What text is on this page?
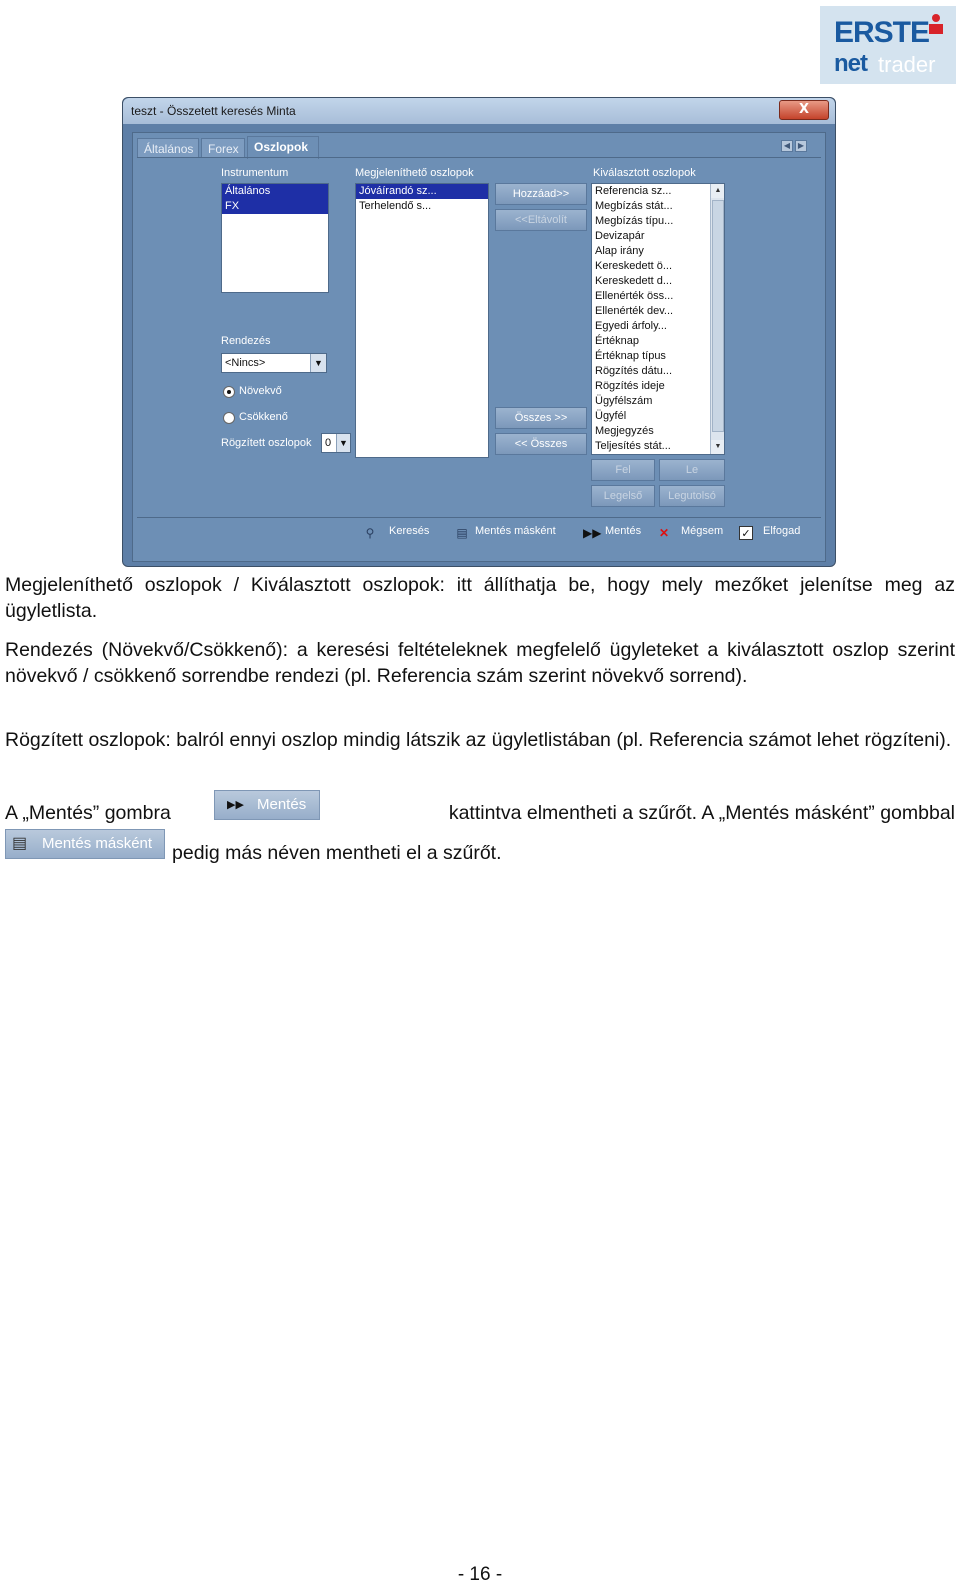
ERSTE
net trader
teszt - Összetett keresés Minta	X
Általános	Forex	Oszlopok	◀ ▶
Instrumentum
Általános
FX
Rendezés
<Nincs>	▼
Növekvő
Csökkenő
Rögzített oszlopok	0 ▼
Megjeleníthető oszlopok
Jóváírandó sz...
Terhelendő s...
Hozzáad>>
<<Eltávolít
Összes >>
<< Összes
Kiválasztott oszlopok
Referencia sz...
Megbízás stát...
Megbízás típu...
Devizapár
Alap irány
Kereskedett ö...
Kereskedett d...
Ellenérték öss...
Ellenérték dev...
Egyedi árfoly...
Értéknap
Értéknap típus
Rögzítés dátu...
Rögzítés ideje
Ügyfélszám
Ügyfél
Megjegyzés
Teljesítés stát...
▲
▼
Fel	Le
Legelső	Legutolsó
⚲ Keresés ▤ Mentés másként ▶▶ Mentés ✕ Mégsem ✓ Elfogad
Megjeleníthető oszlopok / Kiválasztott oszlopok: itt állíthatja be, hogy mely mezőket jelenítse meg az ügyletlista.
Rendezés (Növekvő/Csökkenő): a keresési feltételeknek megfelelő ügyleteket a kiválasztott oszlop szerint növekvő / csökkenő sorrendbe rendezi (pl. Referencia szám szerint növekvő sorrend).
Rögzített oszlopok: balról ennyi oszlop mindig látszik az ügyletlistában (pl. Referencia számot lehet rögzíteni).
A „Mentés” gombra	▶▶ Mentés	kattintva elmentheti a szűrőt. A „Mentés másként” gombbal
▤ Mentés másként pedig más néven mentheti el a szűrőt.
- 16 -
